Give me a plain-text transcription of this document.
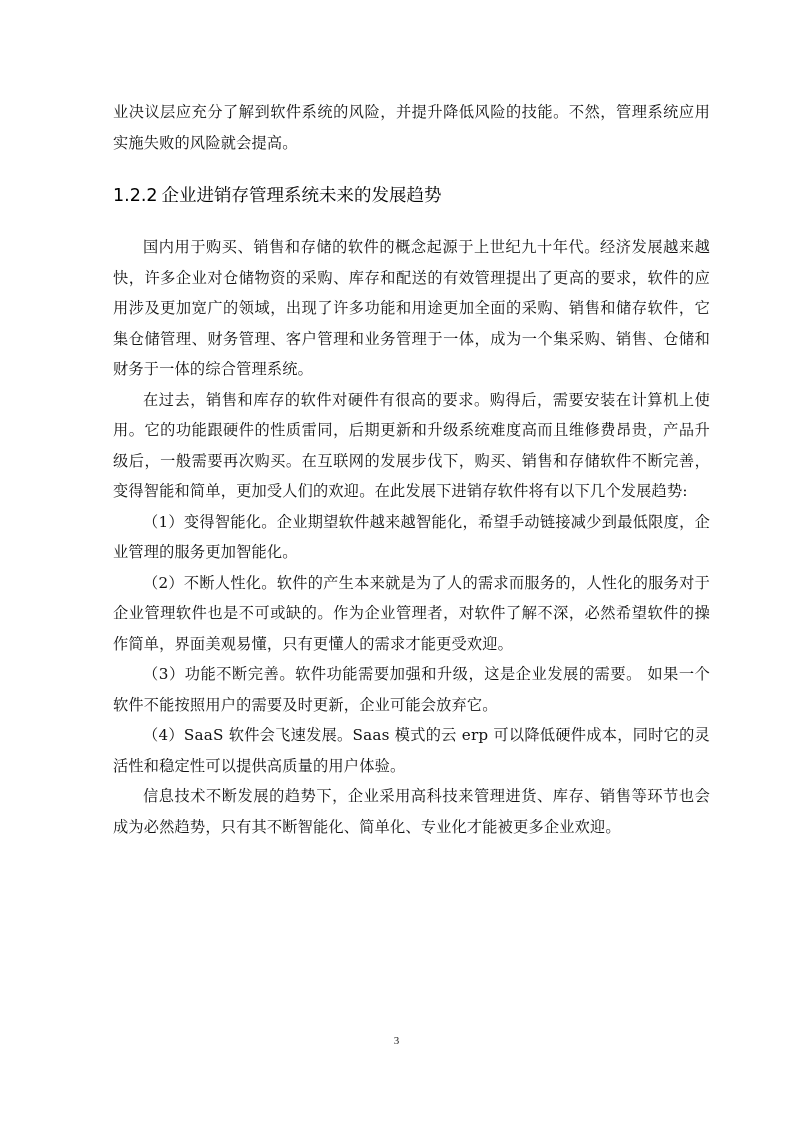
业决议层应充分了解到软件系统的风险，并提升降低风险的技能。不然，管理系统应用实施失败的风险就会提高。

1.2.2 企业进销存管理系统未来的发展趋势

国内用于购买、销售和存储的软件的概念起源于上世纪九十年代。经济发展越来越快，许多企业对仓储物资的采购、库存和配送的有效管理提出了更高的要求，软件的应用涉及更加宽广的领域，出现了许多功能和用途更加全面的采购、销售和储存软件，它集仓储管理、财务管理、客户管理和业务管理于一体，成为一个集采购、销售、仓储和财务于一体的综合管理系统。

在过去，销售和库存的软件对硬件有很高的要求。购得后，需要安装在计算机上使用。它的功能跟硬件的性质雷同，后期更新和升级系统难度高而且维修费昂贵，产品升级后，一般需要再次购买。在互联网的发展步伐下，购买、销售和存储软件不断完善，变得智能和简单，更加受人们的欢迎。在此发展下进销存软件将有以下几个发展趋势:

（1）变得智能化。企业期望软件越来越智能化，希望手动链接减少到最低限度，企业管理的服务更加智能化。

（2）不断人性化。软件的产生本来就是为了人的需求而服务的，人性化的服务对于企业管理软件也是不可或缺的。作为企业管理者，对软件了解不深，必然希望软件的操作简单，界面美观易懂，只有更懂人的需求才能更受欢迎。

（3）功能不断完善。软件功能需要加强和升级，这是企业发展的需要。 如果一个软件不能按照用户的需要及时更新，企业可能会放弃它。

（4）SaaS 软件会飞速发展。Saas 模式的云 erp 可以降低硬件成本，同时它的灵活性和稳定性可以提供高质量的用户体验。

信息技术不断发展的趋势下，企业采用高科技来管理进货、库存、销售等环节也会成为必然趋势，只有其不断智能化、简单化、专业化才能被更多企业欢迎。

3
